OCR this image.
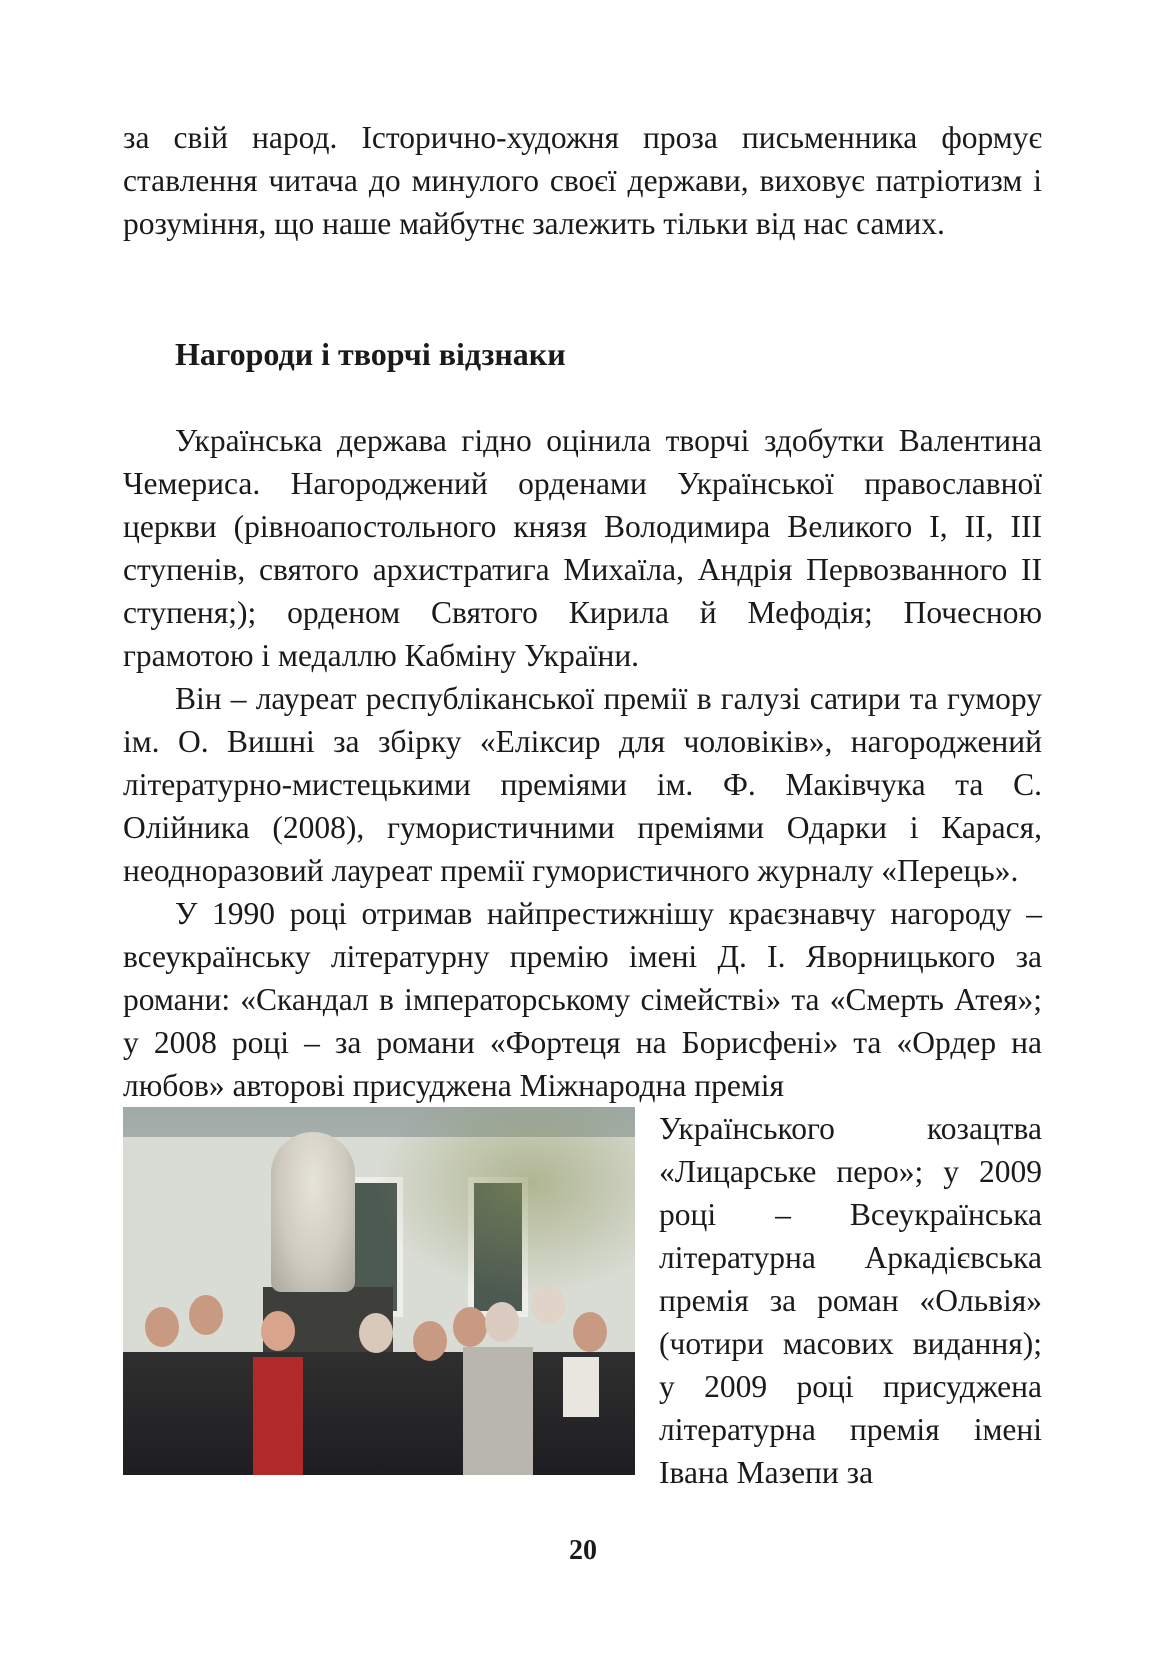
за свій народ. Історично-художня проза письменника формує ставлення читача до минулого своєї держави, виховує патріотизм і розуміння, що наше майбутнє залежить тільки від нас самих.

Нагороди і творчі відзнаки

Українська держава гідно оцінила творчі здобутки Валентина Чемериса. Нагороджений орденами Української православної церкви (рівноапостольного князя Володимира Великого I, II, III ступенів, святого архистратига Михаїла, Андрія Первозванного II ступеня;); орденом Святого Кирила й Мефодія; Почесною грамотою і медаллю Кабміну України.

Він – лауреат республіканської премії в галузі сатири та гумору ім. О. Вишні за збірку «Еліксир для чоловіків», нагороджений літературно-мистецькими преміями ім. Ф. Маківчука та С. Олійника (2008), гумористичними преміями Одарки і Карася, неодноразовий лауреат премії гумористичного журналу «Перець».

У 1990 році отримав найпрестижнішу краєзнавчу нагороду – всеукраїнську літературну премію імені Д. І. Яворницького за романи: «Скандал в імператорському сімействі» та «Смерть Атея»; у 2008 році – за романи «Фортеця на Борисфені» та «Ордер на любов» авторові присуджена Міжнародна премія

Українського козацтва «Лицарське перо»; у 2009 році – Всеукраїнська літературна Аркадієвська премія за роман «Ольвія» (чотири масових видання); у 2009 році присуджена літературна премія імені Івана Мазепи за

20
